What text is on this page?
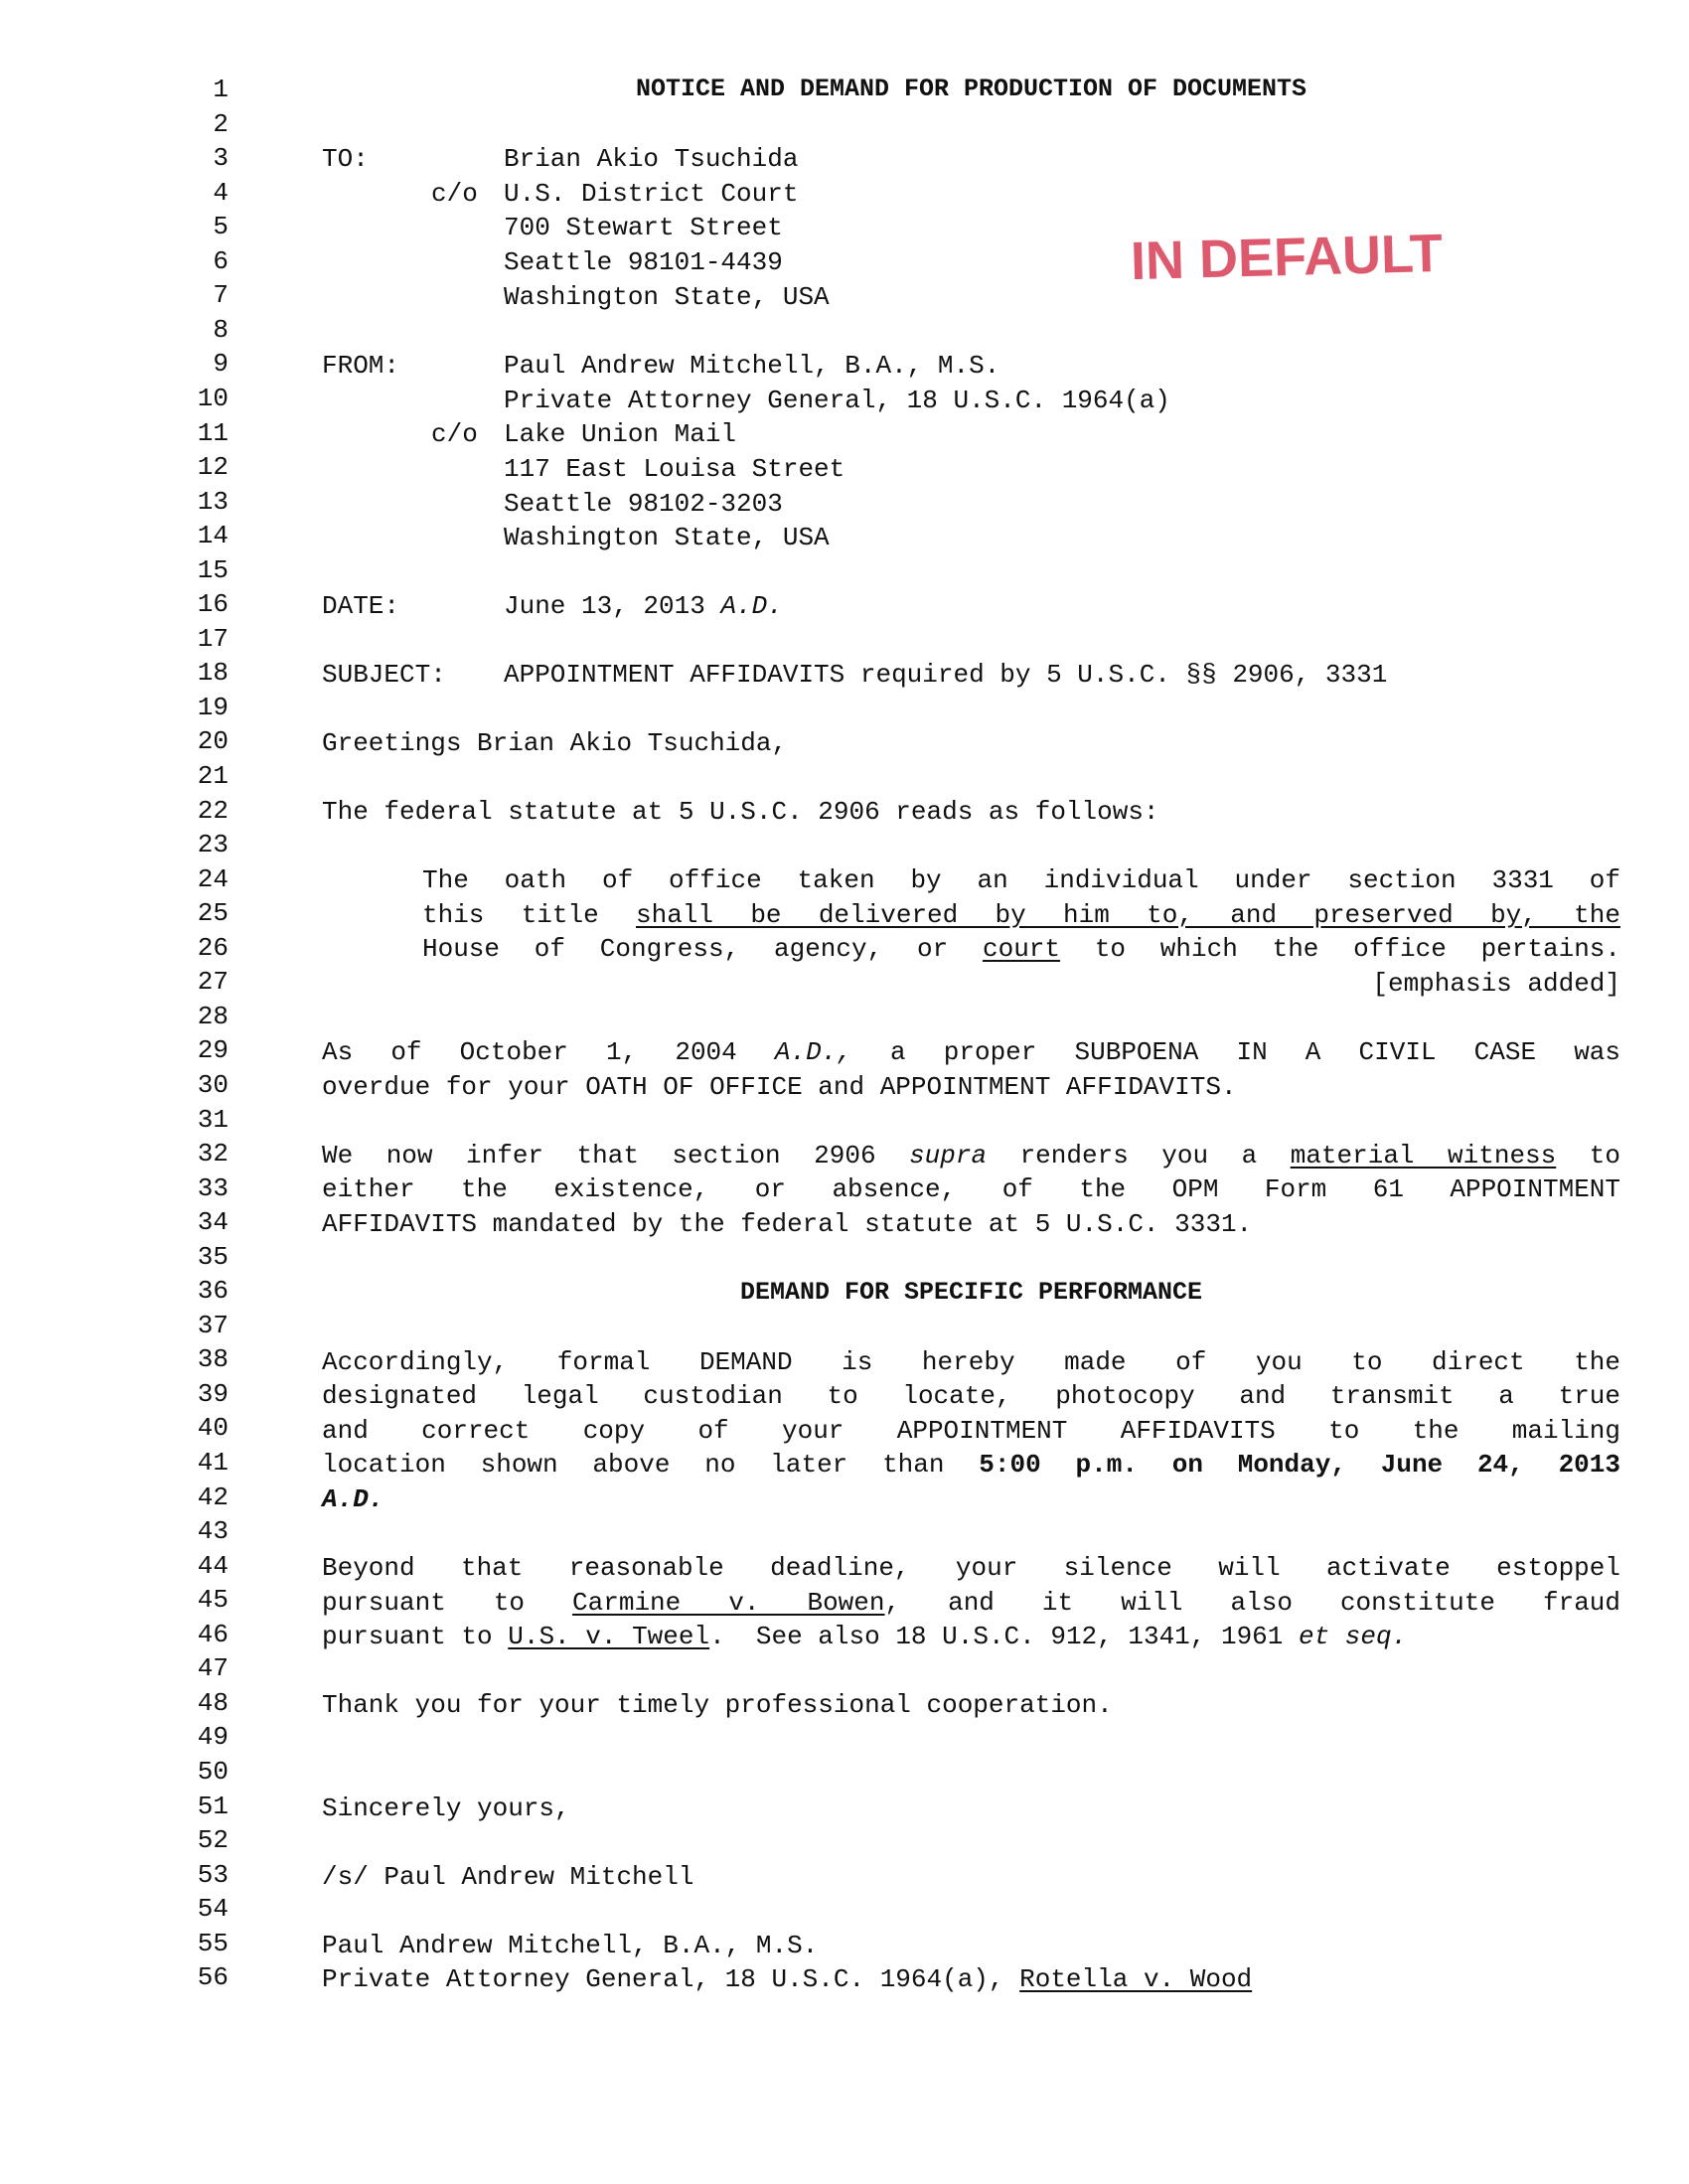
1
2
3
4
5
6
7
8
9
10
11
12
13
14
15
16
17
18
19
20
21
22
23
24
25
26
27
28
29
30
31
32
33
34
35
36
37
38
39
40
41
42
43
44
45
46
47
48
49
50
51
52
53
54
55
56
IN DEFAULT
NOTICE AND DEMAND FOR PRODUCTION OF DOCUMENTS
TO:	Brian Akio Tsuchida
c/o U.S. District Court
700 Stewart Street
Seattle 98101-4439
Washington State, USA
FROM:	Paul Andrew Mitchell, B.A., M.S.
Private Attorney General, 18 U.S.C. 1964(a)
c/o Lake Union Mail
117 East Louisa Street
Seattle 98102-3203
Washington State, USA
DATE:	June 13, 2013 A.D.
SUBJECT: APPOINTMENT AFFIDAVITS required by 5 U.S.C. §§ 2906, 3331
Greetings Brian Akio Tsuchida,
The federal statute at 5 U.S.C. 2906 reads as follows:
The oath of office taken by an individual under section 3331 of
this title shall be delivered by him to, and preserved by, the
House of Congress, agency, or court to which the office pertains.
[emphasis added]
As of October 1, 2004 A.D., a proper SUBPOENA IN A CIVIL CASE was
overdue for your OATH OF OFFICE and APPOINTMENT AFFIDAVITS.
We now infer that section 2906 supra renders you a material witness to
either the existence, or absence, of the OPM Form 61 APPOINTMENT
AFFIDAVITS mandated by the federal statute at 5 U.S.C. 3331.
DEMAND FOR SPECIFIC PERFORMANCE
Accordingly, formal DEMAND is hereby made of you to direct the
designated legal custodian to locate, photocopy and transmit a true
and correct copy of your APPOINTMENT AFFIDAVITS to the mailing
location shown above no later than 5:00 p.m. on Monday, June 24, 2013
A.D.
Beyond that reasonable deadline, your silence will activate estoppel
pursuant to Carmine v. Bowen, and it will also constitute fraud
pursuant to U.S. v. Tweel.  See also 18 U.S.C. 912, 1341, 1961 et seq.
Thank you for your timely professional cooperation.
Sincerely yours,
/s/ Paul Andrew Mitchell
Paul Andrew Mitchell, B.A., M.S.
Private Attorney General, 18 U.S.C. 1964(a), Rotella v. Wood
